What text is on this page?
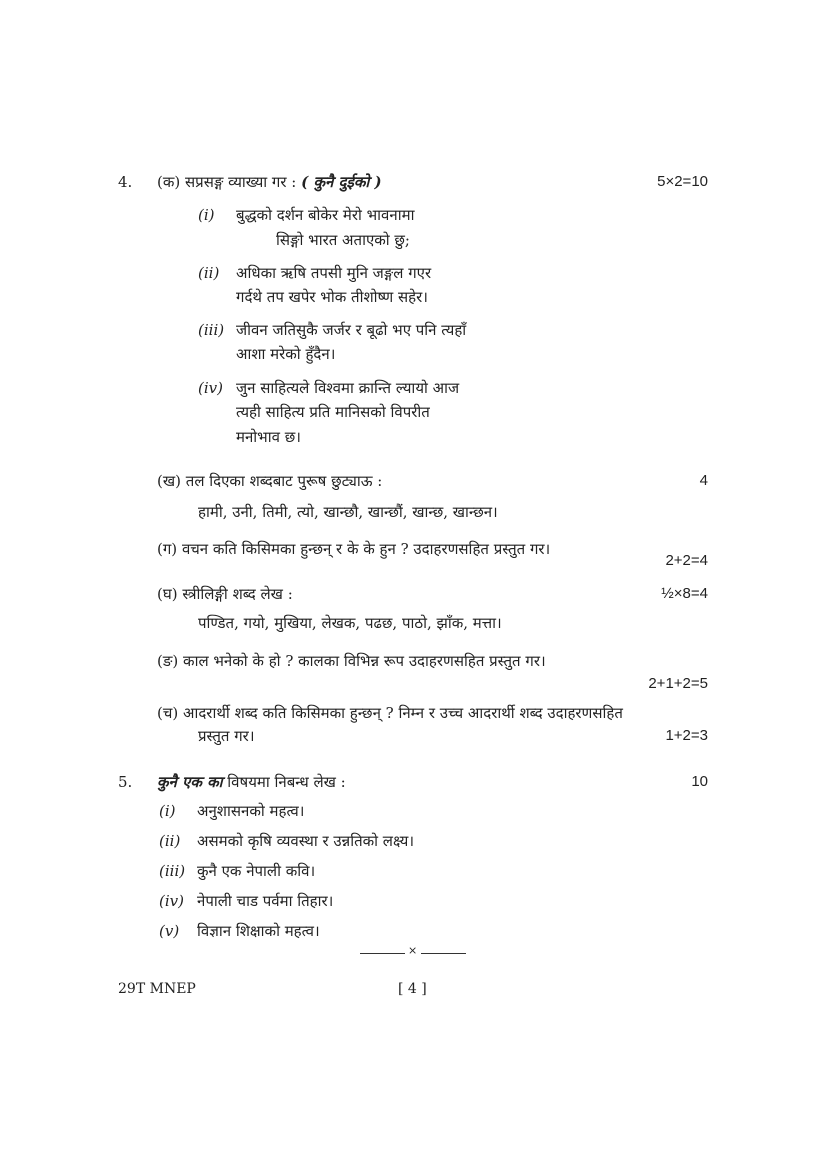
4. (क) सप्रसङ्ग व्याख्या गर : ( कुनै दुईको )	5×2=10
(i) बुद्धको दर्शन बोकेर मेरो भावनामा
सिङ्गो भारत अताएको छु;
(ii) अधिका ऋषि तपसी मुनि जङ्गल गएर
गर्दथे तप खपेर भोक तीशोष्ण सहेर।
(iii) जीवन जतिसुकै जर्जर र बूढो भए पनि त्यहाँ
आशा मरेको हुँदैन।
(iv) जुन साहित्यले विश्वमा क्रान्ति ल्यायो आज
त्यही साहित्य प्रति मानिसको विपरीत
मनोभाव छ।
(ख) तल दिएका शब्दबाट पुरूष छुट्याऊ :	4
हामी, उनी, तिमी, त्यो, खान्छौ, खान्छौं, खान्छ, खान्छन।
(ग) वचन कति किसिमका हुन्छन् र के के हुन ? उदाहरणसहित प्रस्तुत गर।
2+2=4
(घ) स्त्रीलिङ्गी शब्द लेख :	½×8=4
पण्डित, गयो, मुखिया, लेखक, पढछ, पाठो, झाँक, मत्ता।
(ङ) काल भनेको के हो ? कालका विभिन्न रूप उदाहरणसहित प्रस्तुत गर।
2+1+2=5
(च) आदरार्थी शब्द कति किसिमका हुन्छन् ? निम्न र उच्च आदरार्थी शब्द उदाहरणसहित
प्रस्तुत गर।	1+2=3
5. कुनै एक का विषयमा निबन्ध लेख :	10
(i) अनुशासनको महत्व।
(ii) असमको कृषि व्यवस्था र उन्नतिको लक्ष्य।
(iii) कुनै एक नेपाली कवि।
(iv) नेपाली चाड पर्वमा तिहार।
(v) विज्ञान शिक्षाको महत्व।
×
29T MNEP	[ 4 ]
